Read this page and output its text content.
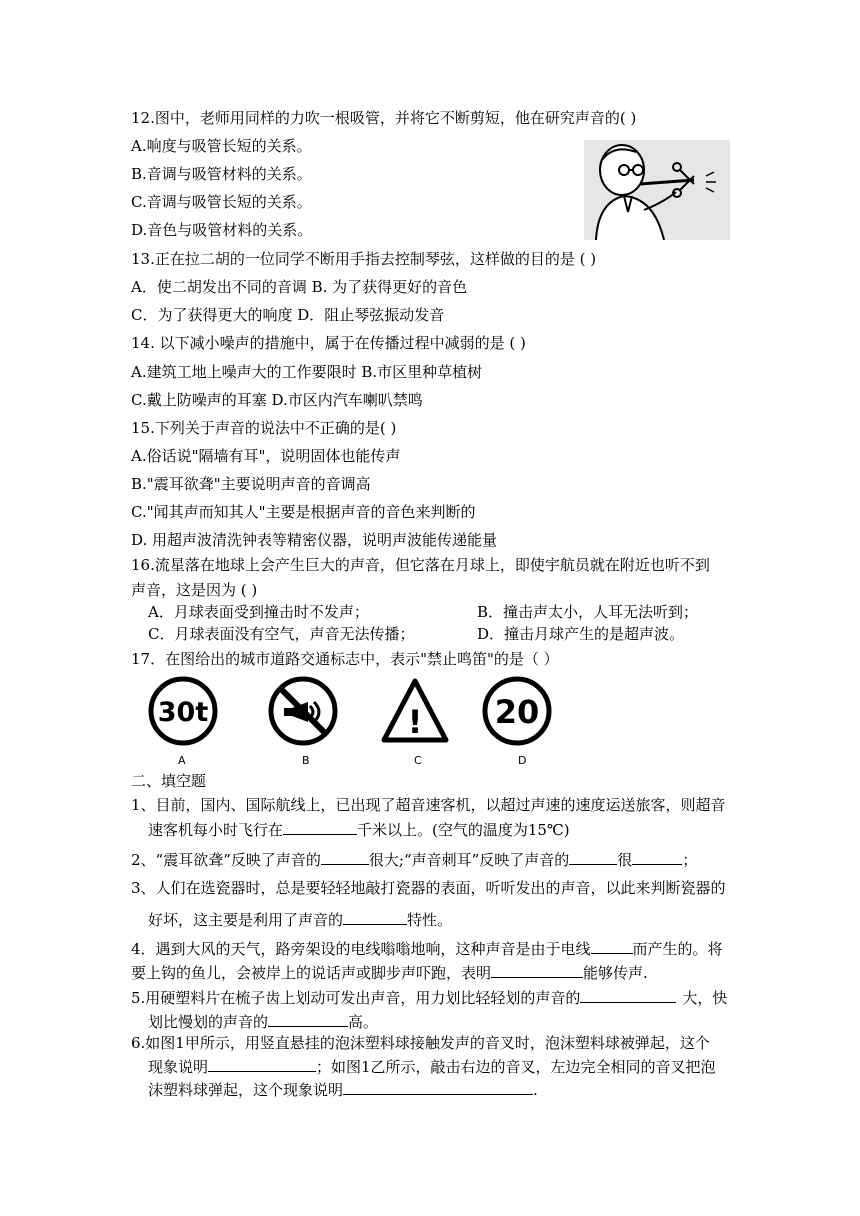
12.图中，老师用同样的力吹一根吸管，并将它不断剪短，他在研究声音的( )
A.响度与吸管长短的关系。
B.音调与吸管材料的关系。
C.音调与吸管长短的关系。
D.音色与吸管材料的关系。
13.正在拉二胡的一位同学不断用手指去控制琴弦，这样做的目的是 ( )
A．使二胡发出不同的音调 B. 为了获得更好的音色
C．为了获得更大的响度 D．阻止琴弦振动发音
14. 以下减小噪声的措施中，属于在传播过程中减弱的是 ( )
A.建筑工地上噪声大的工作要限时 B.市区里种草植树
C.戴上防噪声的耳塞 D.市区内汽车喇叭禁鸣
15.下列关于声音的说法中不正确的是( )
A.俗话说"隔墙有耳"，说明固体也能传声
B."震耳欲聋"主要说明声音的音调高
C."闻其声而知其人"主要是根据声音的音色来判断的
D. 用超声波清洗钟表等精密仪器，说明声波能传递能量
16.流星落在地球上会产生巨大的声音，但它落在月球上，即使宇航员就在附近也听不到
声音，这是因为 ( )
A．月球表面受到撞击时不发声；	B．撞击声太小，人耳无法听到；
C．月球表面没有空气，声音无法传播；	D．撞击月球产生的是超声波。
17．在图给出的城市道路交通标志中，表示"禁止鸣笛"的是（ ）
30t
A	B
!
C
20
D
二、填空题
1、目前，国内、国际航线上，已出现了超音速客机，以超过声速的速度运送旅客，则超音
速客机每小时飞行在	千米以上。(空气的温度为15℃)
2、“震耳欲聋”反映了声音的	很大;“声音刺耳”反映了声音的	很	；
3、人们在选瓷器时，总是要轻轻地敲打瓷器的表面，听听发出的声音，以此来判断瓷器的
好坏，这主要是利用了声音的	特性。
4．遇到大风的天气，路旁架设的电线嗡嗡地响，这种声音是由于电线	而产生的。将
要上钩的鱼儿，会被岸上的说话声或脚步声吓跑，表明	能够传声.
5.用硬塑料片在梳子齿上划动可发出声音，用力划比轻轻划的声音的	大，快
划比慢划的声音的	高。
6.如图1甲所示，用竖直悬挂的泡沫塑料球接触发声的音叉时，泡沫塑料球被弹起，这个
现象说明	；如图1乙所示，敲击右边的音叉，左边完全相同的音叉把泡
沫塑料球弹起，这个现象说明	.
